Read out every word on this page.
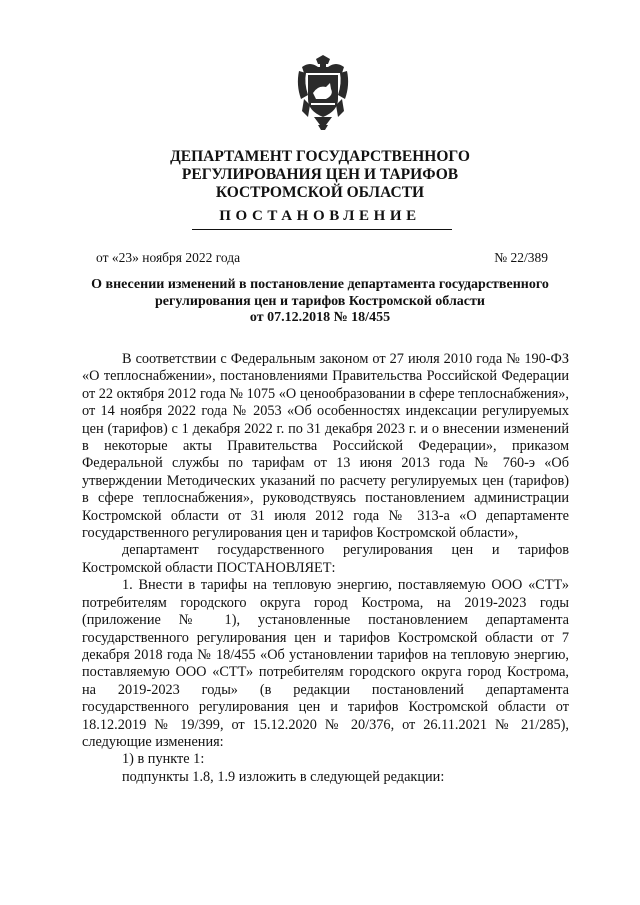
ДЕПАРТАМЕНТ ГОСУДАРСТВЕННОГО
РЕГУЛИРОВАНИЯ ЦЕН И ТАРИФОВ
КОСТРОМСКОЙ ОБЛАСТИ
ПОСТАНОВЛЕНИЕ
от «23» ноября 2022 года	№ 22/389
О внесении изменений в постановление департамента государственного
регулирования цен и тарифов Костромской области
от 07.12.2018 № 18/455

В соответствии с Федеральным законом от 27 июля 2010 года № 190-ФЗ «О теплоснабжении», постановлениями Правительства Российской Федерации от 22 октября 2012 года № 1075 «О ценообразовании в сфере теплоснабжения», от 14 ноября 2022 года № 2053 «Об особенностях индексации регулируемых цен (тарифов) с 1 декабря 2022 г. по 31 декабря 2023 г. и о внесении изменений в некоторые акты Правительства Российской Федерации», приказом Федеральной службы по тарифам от 13 июня 2013 года № 760-э «Об утверждении Методических указаний по расчету регулируемых цен (тарифов) в сфере теплоснабжения», руководствуясь постановлением администрации Костромской области от 31 июля 2012 года № 313-а «О департаменте государственного регулирования цен и тарифов Костромской области»,

департамент государственного регулирования цен и тарифов Костромской области ПОСТАНОВЛЯЕТ:

1. Внести в тарифы на тепловую энергию, поставляемую ООО «СТТ» потребителям городского округа город Кострома, на 2019-2023 годы (приложение № 1), установленные постановлением департамента государственного регулирования цен и тарифов Костромской области от 7 декабря 2018 года № 18/455 «Об установлении тарифов на тепловую энергию, поставляемую ООО «СТТ» потребителям городского округа город Кострома, на 2019-2023 годы» (в редакции постановлений департамента государственного регулирования цен и тарифов Костромской области от 18.12.2019 № 19/399, от 15.12.2020 № 20/376, от 26.11.2021 № 21/285), следующие изменения:

1) в пункте 1:

подпункты 1.8, 1.9 изложить в следующей редакции:
